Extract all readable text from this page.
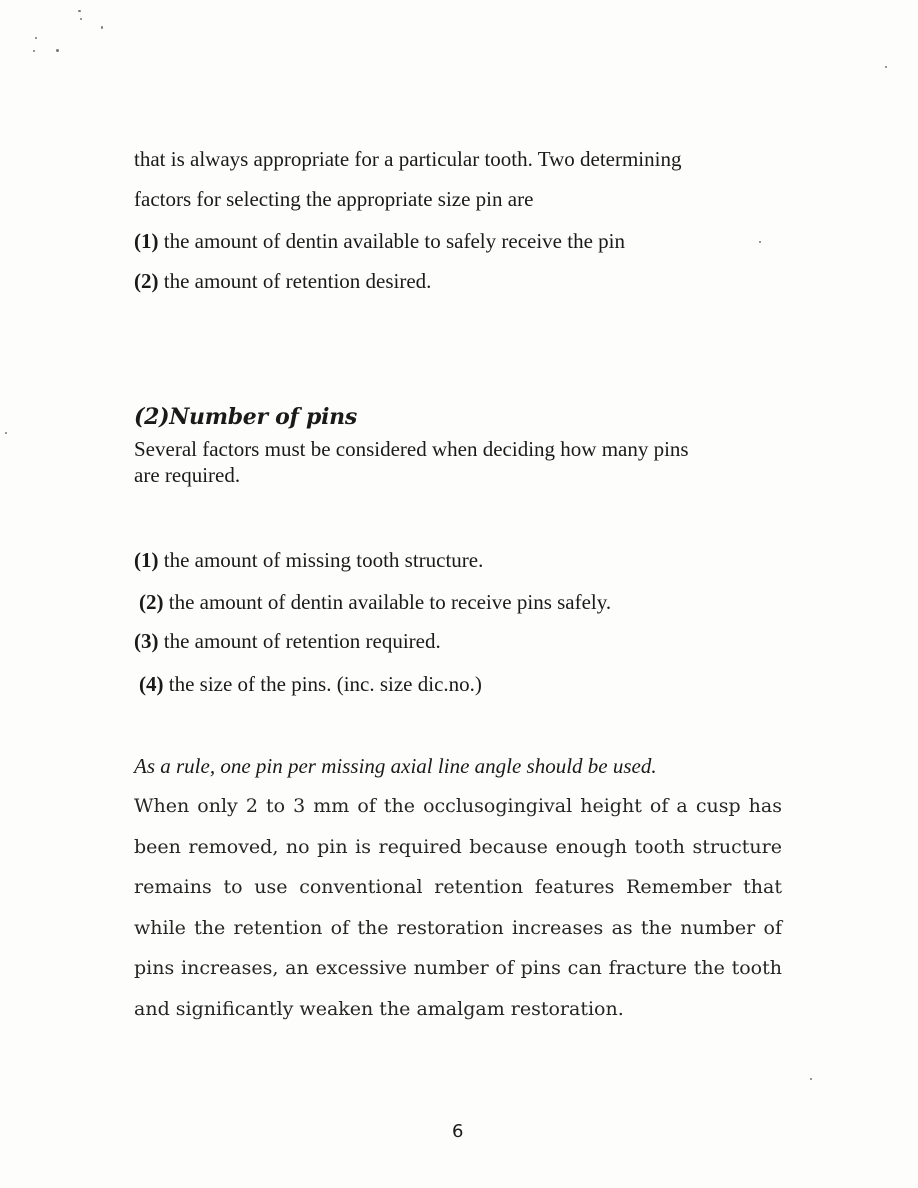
that is always appropriate for a particular tooth. Two determining
factors for selecting the appropriate size pin are
(1) the amount of dentin available to safely receive the pin
(2) the amount of retention desired.
(2)Number of pins
Several factors must be considered when deciding how many pins
are required.
(1) the amount of missing tooth structure.
(2) the amount of dentin available to receive pins safely.
(3) the amount of retention required.
(4) the size of the pins. (inc. size dic.no.)
As a rule, one pin per missing axial line angle should be used.
When only 2 to 3 mm of the occlusogingival height of a cusp has
been removed, no pin is required because enough tooth structure
remains to use conventional retention features Remember that
while the retention of the restoration increases as the number of
pins increases, an excessive number of pins can fracture the tooth
and significantly weaken the amalgam restoration.
6
